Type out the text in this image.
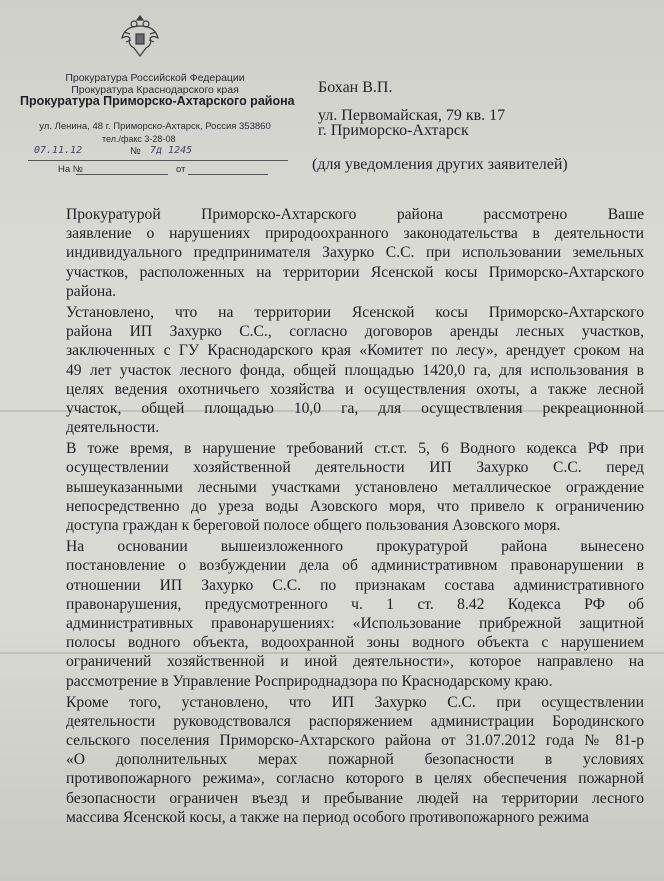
Прокуратура Российской Федерации
Прокуратура Краснодарского края
Прокуратура Приморско-Ахтарского района
ул. Ленина, 48 г. Приморско-Ахтарск, Россия 353860
тел./факс 3-28-08
07.11.12	№ 7д 1245
На №	от
Бохан В.П.
ул. Первомайская, 79 кв. 17
г. Приморско-Ахтарск
(для уведомления других заявителей)

Прокуратурой Приморско-Ахтарского района рассмотрено Ваше
заявление о нарушениях природоохранного законодательства в деятельности
индивидуального предпринимателя Захурко С.С. при использовании земельных
участков, расположенных на территории Ясенской косы Приморско-Ахтарского
района.

Установлено, что на территории Ясенской косы Приморско-Ахтарского
района ИП Захурко С.С., согласно договоров аренды лесных участков,
заключенных с ГУ Краснодарского края «Комитет по лесу», арендует сроком на
49 лет участок лесного фонда, общей площадью 1420,0 га, для использования в
целях ведения охотничьего хозяйства и осуществления охоты, а также лесной
участок, общей площадью 10,0 га, для осуществления рекреационной
деятельности.

В тоже время, в нарушение требований ст.ст. 5, 6 Водного кодекса РФ при
осуществлении хозяйственной деятельности ИП Захурко С.С. перед
вышеуказанными лесными участками установлено металлическое ограждение
непосредственно до уреза воды Азовского моря, что привело к ограничению
доступа граждан к береговой полосе общего пользования Азовского моря.

На основании вышеизложенного прокуратурой района вынесено
постановление о возбуждении дела об административном правонарушении в
отношении ИП Захурко С.С. по признакам состава административного
правонарушения, предусмотренного ч. 1 ст. 8.42 Кодекса РФ об
административных правонарушениях: «Использование прибрежной защитной
полосы водного объекта, водоохранной зоны водного объекта с нарушением
ограничений хозяйственной и иной деятельности», которое направлено на
рассмотрение в Управление Росприроднадзора по Краснодарскому краю.

Кроме того, установлено, что ИП Захурко С.С. при осуществлении
деятельности руководствовался распоряжением администрации Бородинского
сельского поселения Приморско-Ахтарского района от 31.07.2012 года № 81-р
«О дополнительных мерах пожарной безопасности в условиях
противопожарного режима», согласно которого в целях обеспечения пожарной
безопасности ограничен въезд и пребывание людей на территории лесного
массива Ясенской косы, а также на период особого противопожарного режима
